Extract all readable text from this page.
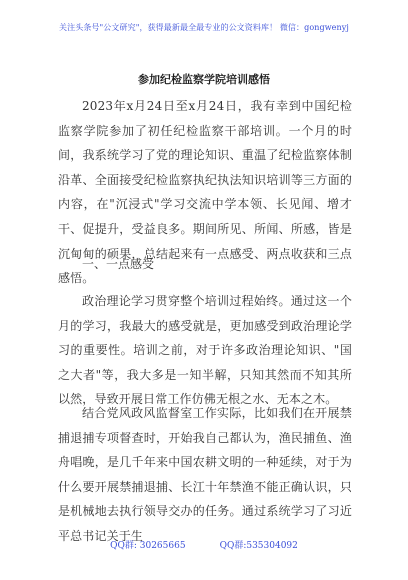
关注头条号"公文研究"，获得最新最全最专业的公文资料库！ 微信：gongwenyj
参加纪检监察学院培训感悟

2023年x月24日至x月24日，我有幸到中国纪检监察学院参加了初任纪检监察干部培训。一个月的时间，我系统学习了党的理论知识、重温了纪检监察体制沿革、全面接受纪检监察执纪执法知识培训等三方面的内容，在"沉浸式"学习交流中学本领、长见闻、增才干、促提升，受益良多。期间所见、所闻、所感，皆是沉甸甸的硕果，总结起来有一点感受、两点收获和三点感悟。

一、一点感受

政治理论学习贯穿整个培训过程始终。通过这一个月的学习，我最大的感受就是，更加感受到政治理论学习的重要性。培训之前，对于许多政治理论知识、"国之大者"等，我大多是一知半解，只知其然而不知其所以然，导致开展日常工作仿佛无根之水、无本之木。

结合党风政风监督室工作实际，比如我们在开展禁捕退捕专项督查时，开始我自己都认为，渔民捕鱼、渔舟唱晚，是几千年来中国农耕文明的一种延续，对于为什么要开展禁捕退捕、长江十年禁渔不能正确认识，只是机械地去执行领导交办的任务。通过系统学习了习近平总书记关于生

QQ群: 30265665	QQ群:535304092
